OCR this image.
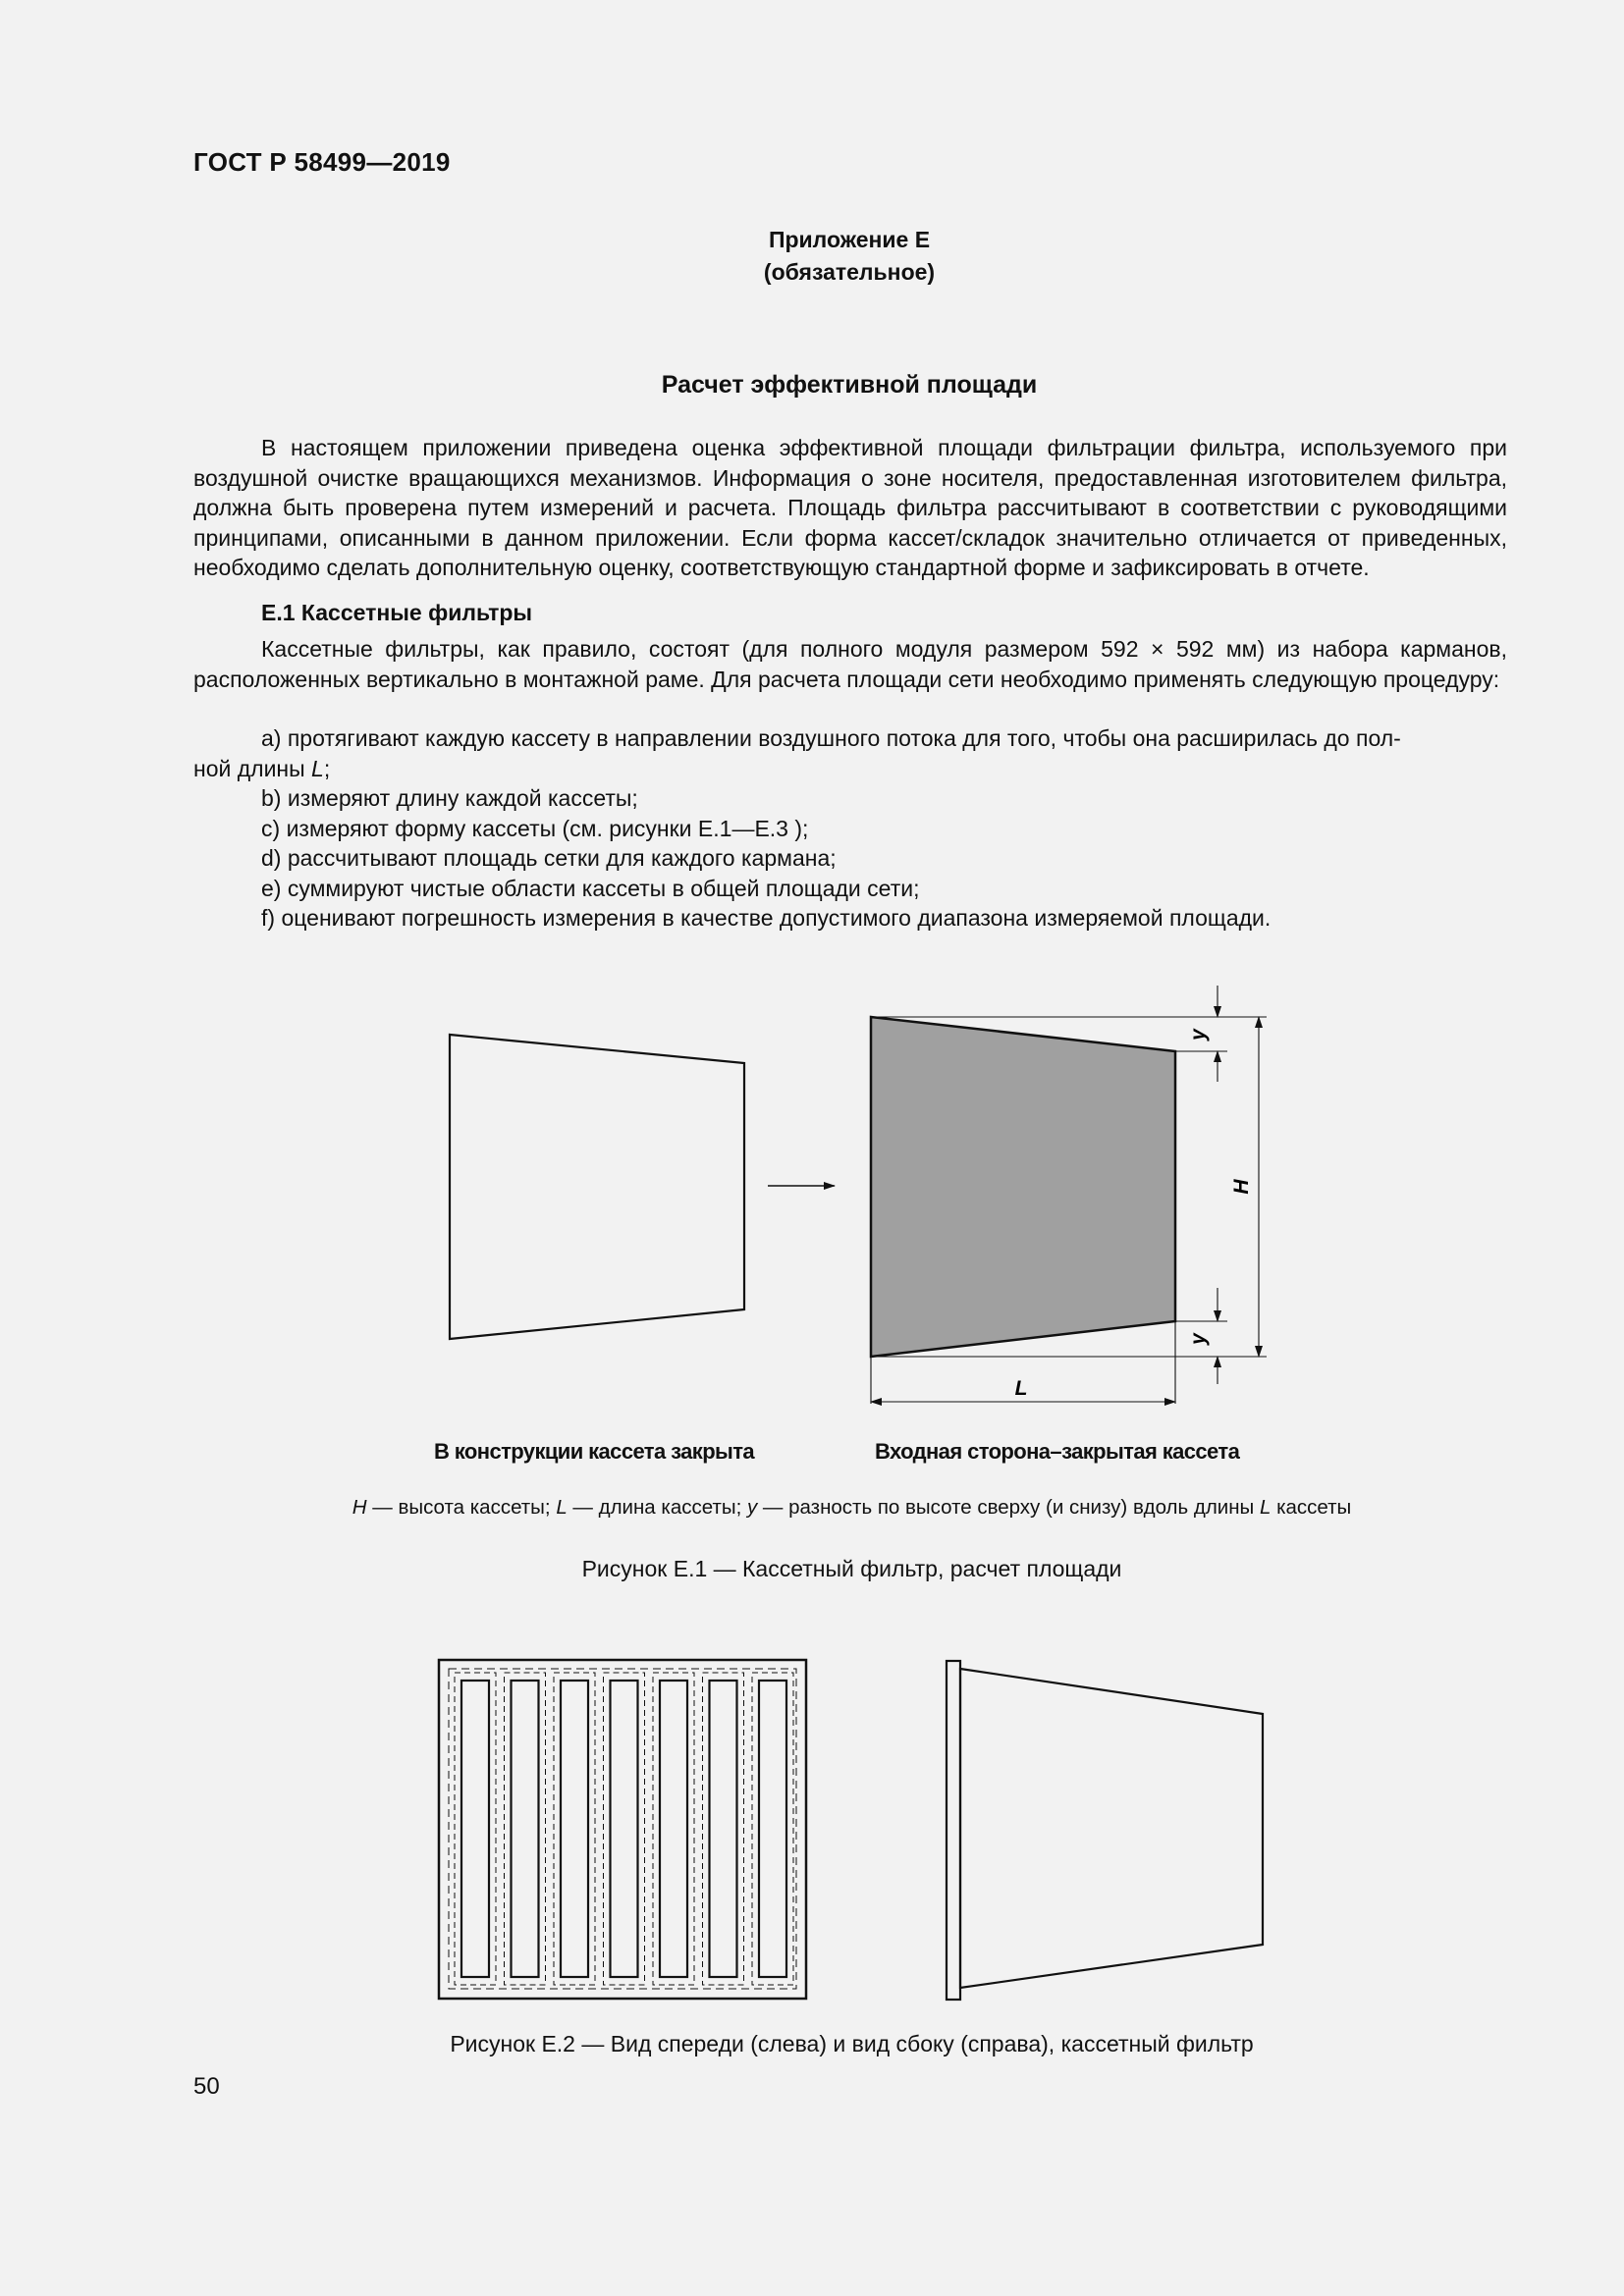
ГОСТ Р 58499—2019
Приложение Е
(обязательное)
Расчет эффективной площади

В настоящем приложении приведена оценка эффективной площади фильтрации фильтра, используемого при воздушной очистке вращающихся механизмов. Информация о зоне носителя, предоставленная изготовителем фильтра, должна быть проверена путем измерений и расчета. Площадь фильтра рассчитывают в соответствии с руководящими принципами, описанными в данном приложении. Если форма кассет/складок значительно отличается от приведенных, необходимо сделать дополнительную оценку, соответствующую стандартной форме и зафиксировать в отчете.

Е.1 Кассетные фильтры

Кассетные фильтры, как правило, состоят (для полного модуля размером 592 × 592 мм) из набора карманов, расположенных вертикально в монтажной раме. Для расчета площади сети необходимо применять следующую процедуру:

a) протягивают каждую кассету в направлении воздушного потока для того, чтобы она расширилась до пол-
ной длины L;
b) измеряют длину каждой кассеты;
c) измеряют форму кассеты (см. рисунки Е.1—Е.3 );
d) рассчитывают площадь сетки для каждого кармана;
e) суммируют чистые области кассеты в общей площади сети;
f) оценивают погрешность измерения в качестве допустимого диапазона измеряемой площади.
y
y
H
L
В конструкции кассета закрыта	Входная сторона–закрытая кассета
H — высота кассеты; L — длина кассеты; y — разность по высоте сверху (и снизу) вдоль длины L кассеты
Рисунок Е.1 — Кассетный фильтр, расчет площади
Рисунок Е.2 — Вид спереди (слева) и вид сбоку (справа), кассетный фильтр
50
